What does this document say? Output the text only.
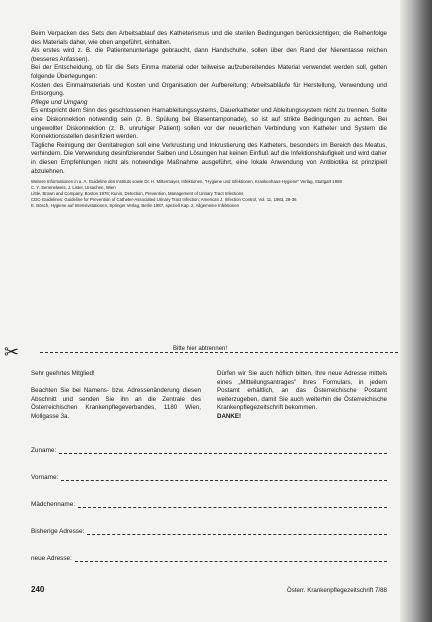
Beim Verpacken des Sets den Arbeitsablauf des Katheterismus und die sterilen Bedingungen berücksichtigen; die Reihenfolge des Materials daher, wie oben angeführt, einhalten.

Als erstes wird z. B. die Patientenunterlage gebraucht, dann Handschuhe, sollen über den Rand der Nierentasse reichen (besseres Anfassen).

Bei der Entscheidung, ob für die Sets Einma material oder teilweise aufzubereitendes Material verwendet werden soll, gelten folgende Überlegungen:

Kosten des Einmalmaterials und Kosten und Organisation der Aufbereitung; Arbeitsabläufe für Herstellung, Verwendung und Entsorgung.

Pflege und Umgang

Es entspricht dem Sinn des geschlossenen Harnableitungssystems, Dauerkatheter und Ableitungssystem nicht zu trennen. Sollte eine Diskonnektion notwendig sein (z. B. Spülung bei Blasentamponade), so ist auf strikte Bedingungen zu achten. Bei ungewollter Diskonnektion (z. B. unruhiger Patient) sollen vor der neuerlichen Verbindung von Katheter und System die Konnektionsstellen desinfiziert werden.

Tägliche Reinigung der Genitalregion soll eine Verkrustung und Inkrustierung des Katheters, besonders im Bereich des Meatus, verhindern. Die Verwendung desinfizierender Salben und Lösungen hat keinen Einfluß auf die Infektionshäufigkeit und wird daher in diesen Empfehlungen nicht als notwendige Maßnahme ausgeführt, eine lokale Anwendung von Antibiotika ist prinzipiell abzulehnen.

Weitere Informationen in a. A. Guideline des Instituts sowie Dr. H. Mittermayer, Infektionen, "Hygiene und Infektionen, Krankenhaus-Hygiene" Verlag, Stuttgart 1988

C. Y. Semmelweis, J. Lister, Ursachen, Wien

Little, Brown and Company, Boston 1976; Kunin, Detection, Prevention, Management of Urinary Tract Infections

CDC-Guidelines: Guideline for Prevention of Catheter-Associated Urinary Tract Infection; American J. Infection Control, Vol. 11, 1983, 28-36

E. Bösch, Hygiene auf Intensivstationen, Springer Verlag, Berlin 1987, speziell Kap. 2, Allgemeine Infektionen

✂	Bitte hier abtrennen!

Sehr geehrtes Mitglied!

Beachten Sie bei Namens- bzw. Adressenänderung diesen Abschnitt und senden Sie ihn an die Zentrale des Österreichischen Krankenpflegeverbandes, 1180 Wien, Mollgasse 3a.

Dürfen wir Sie auch höflich bitten, Ihre neue Adresse mittels eines „Mitteilungsantrages" ihres Formulars, in jedem Postamt erhältlich, an das Österreichische Postamt weiterzugeben, damit Sie auch weiterhin die Österreichische Krankenpflegezeitschrift bekommen.

DANKE!

Zuname:
Vorname:
Mädchenname:
Bisherige Adresse:
neue Adresse:
240	Österr. Krankenpflegezeitschrift 7/88
